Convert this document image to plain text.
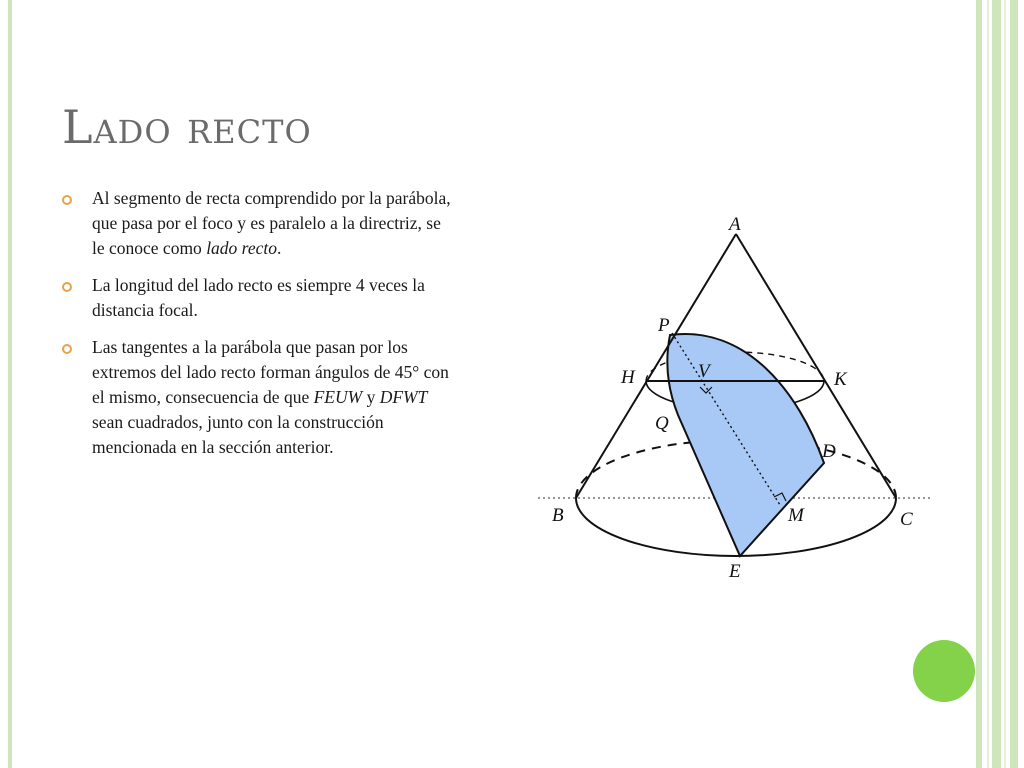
Lado recto
Al segmento de recta comprendido por la parábola, que pasa por el foco y es paralelo a la directriz, se le conoce como lado recto.
La longitud del lado recto es siempre 4 veces la distancia focal.
Las tangentes a la parábola que pasan por los extremos del lado recto forman ángulos de 45° con el mismo, consecuencia de que FEUW y DFWT sean cuadrados, junto con la construcción mencionada en la sección anterior.
A
P
H	V	K
Q
D
B	M	C
E
